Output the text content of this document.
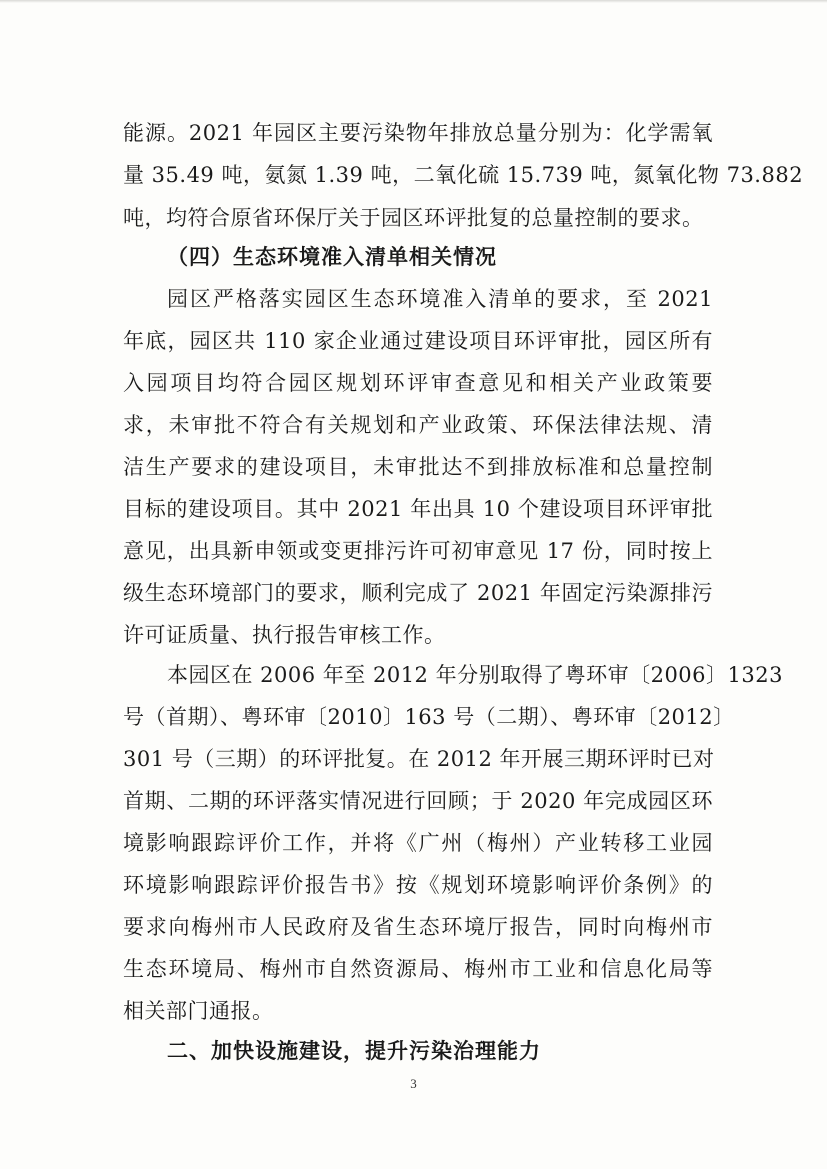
能源。2021 年园区主要污染物年排放总量分别为：化学需氧
量 35.49 吨，氨氮 1.39 吨，二氧化硫 15.739 吨，氮氧化物 73.882
吨，均符合原省环保厅关于园区环评批复的总量控制的要求。
（四）生态环境准入清单相关情况
园区严格落实园区生态环境准入清单的要求，至 2021
年底，园区共 110 家企业通过建设项目环评审批，园区所有
入园项目均符合园区规划环评审查意见和相关产业政策要
求，未审批不符合有关规划和产业政策、环保法律法规、清
洁生产要求的建设项目，未审批达不到排放标准和总量控制
目标的建设项目。其中 2021 年出具 10 个建设项目环评审批
意见，出具新申领或变更排污许可初审意见 17 份，同时按上
级生态环境部门的要求，顺利完成了 2021 年固定污染源排污
许可证质量、执行报告审核工作。
本园区在 2006 年至 2012 年分别取得了粤环审〔2006〕1323
号（首期）、粤环审〔2010〕163 号（二期）、粤环审〔2012〕
301 号（三期）的环评批复。在 2012 年开展三期环评时已对
首期、二期的环评落实情况进行回顾；于 2020 年完成园区环
境影响跟踪评价工作，并将《广州（梅州）产业转移工业园
环境影响跟踪评价报告书》按《规划环境影响评价条例》的
要求向梅州市人民政府及省生态环境厅报告，同时向梅州市
生态环境局、梅州市自然资源局、梅州市工业和信息化局等
相关部门通报。
二、加快设施建设，提升污染治理能力
3
